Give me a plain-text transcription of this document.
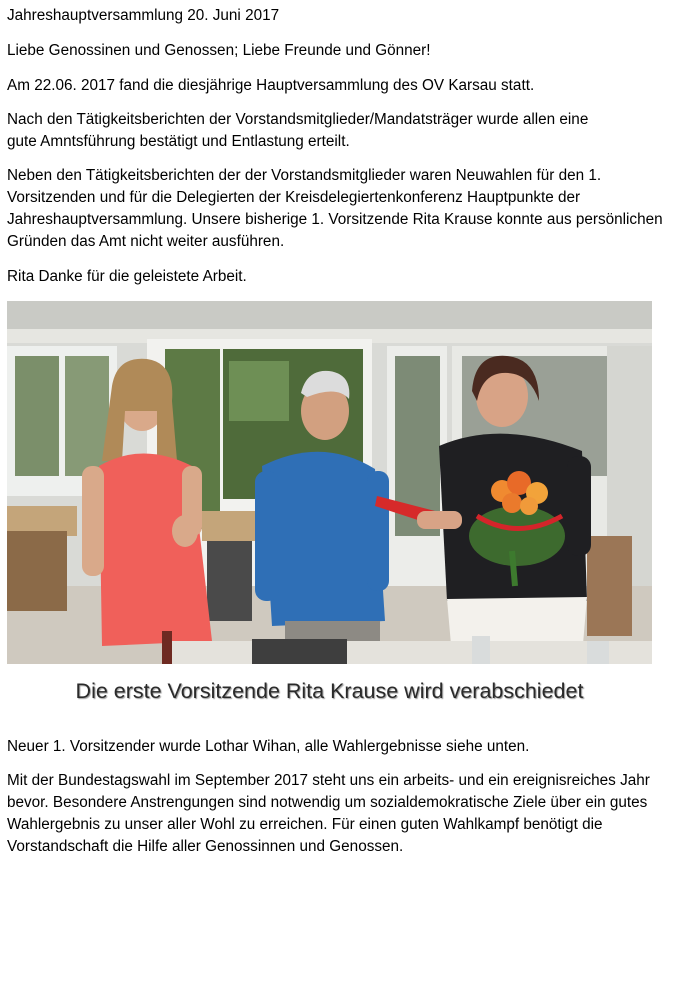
Jahreshauptversammlung 20. Juni 2017

Liebe Genossinen und Genossen; Liebe Freunde und Gönner!

Am 22.06. 2017 fand die diesjährige Hauptversammlung des OV Karsau statt.

Nach den Tätigkeitsberichten der Vorstandsmitglieder/Mandatsträger wurde allen eine gute Amntsführung bestätigt und Entlastung erteilt.

Neben den Tätigkeitsberichten der der Vorstandsmitglieder waren Neuwahlen für den 1. Vorsitzenden und für die Delegierten der Kreisdelegiertenkonferenz Hauptpunkte der Jahreshauptversammlung. Unsere bisherige 1. Vorsitzende Rita Krause konnte aus persönlichen Gründen das Amt nicht weiter ausführen.

Rita Danke für die geleistete Arbeit.

Die erste Vorsitzende Rita Krause wird verabschiedet

Neuer 1. Vorsitzender wurde Lothar Wihan, alle Wahlergebnisse siehe unten.

Mit der Bundestagswahl im September 2017 steht uns ein arbeits- und ein ereignisreiches Jahr bevor. Besondere Anstrengungen sind notwendig um sozialdemokratische Ziele über ein gutes Wahlergebnis zu unser aller Wohl zu erreichen. Für einen guten Wahlkampf benötigt die Vorstandschaft die Hilfe aller Genossinnen und Genossen.
